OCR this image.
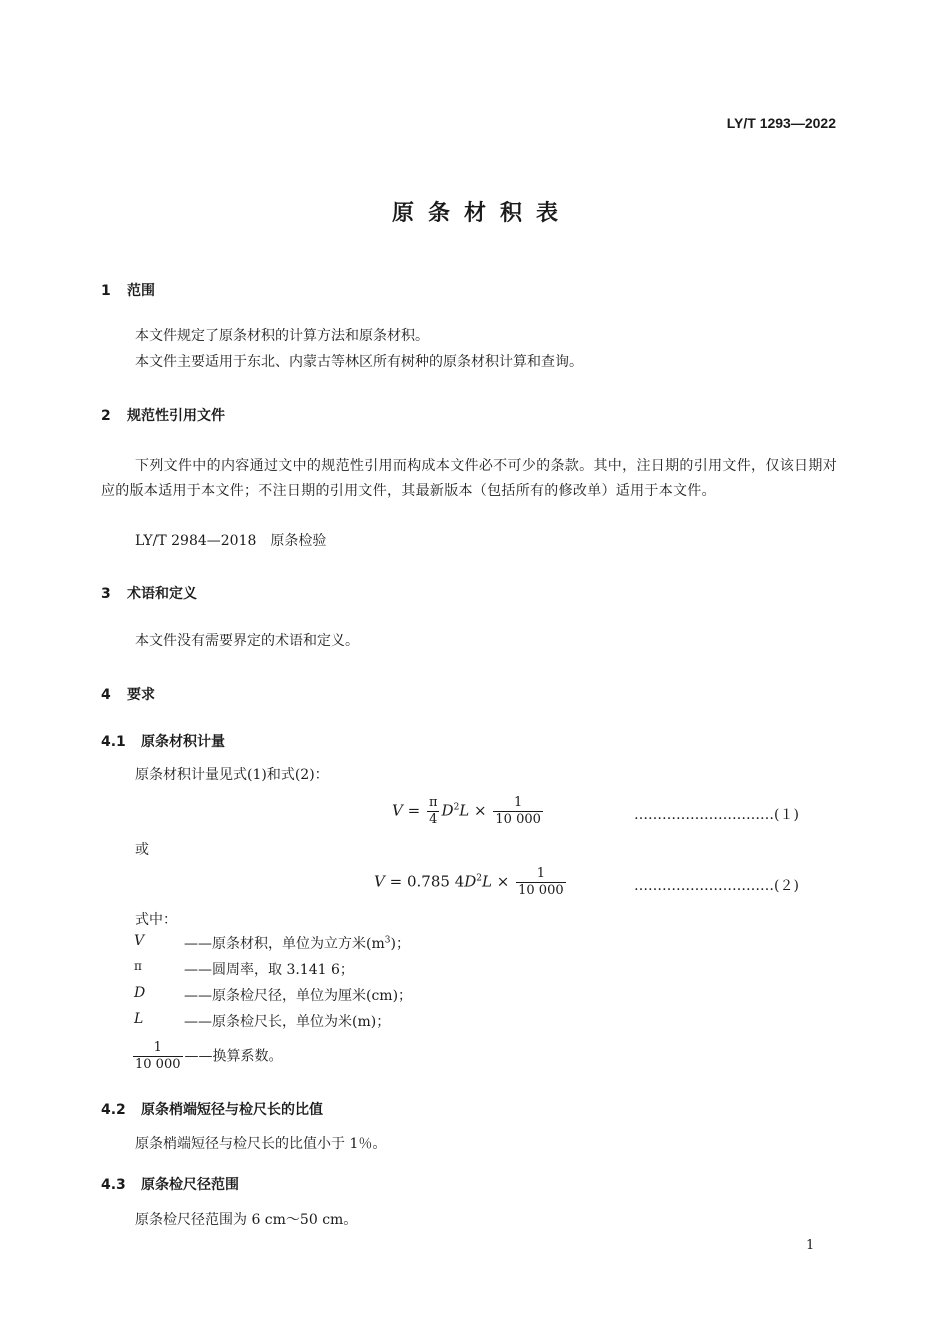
LY/T 1293—2022
原条材积表
1 范围
本文件规定了原条材积的计算方法和原条材积。
本文件主要适用于东北、内蒙古等林区所有树种的原条材积计算和查询。
2 规范性引用文件
下列文件中的内容通过文中的规范性引用而构成本文件必不可少的条款。其中，注日期的引用文件，仅该日期对应的版本适用于本文件；不注日期的引用文件，其最新版本（包括所有的修改单）适用于本文件。
LY/T 2984—2018　原条检验
3 术语和定义
本文件没有需要界定的术语和定义。
4 要求
4.1 原条材积计量
原条材积计量见式(1)和式(2)：
$V = \frac{\pi}{4} D^2L \times \frac{1}{10 000}$	…………………………(１)
或
V = 0.785 $4D^2L \times \frac{1}{10 000}$	…………………………(２)
式中：
V	——原条材积，单位为立方米$(m^3)$；
π	——圆周率，取 3.141 6；
D	——原条检尺径，单位为厘米(cm)；
L	——原条检尺长，单位为米(m)；
$\frac{1}{10 000}$ ——换算系数。
4.2 原条梢端短径与检尺长的比值
原条梢端短径与检尺长的比值小于 1％。
4.3 原条检尺径范围
原条检尺径范围为 6 cm～50 cm。
1
